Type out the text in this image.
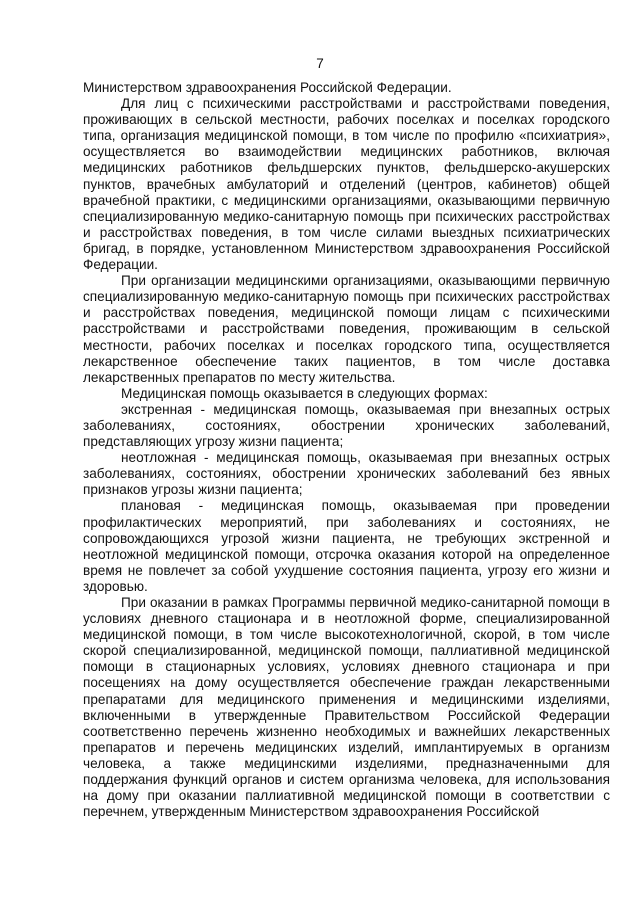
7

Министерством здравоохранения Российской Федерации.

Для лиц с психическими расстройствами и расстройствами поведения, проживающих в сельской местности, рабочих поселках и поселках городского типа, организация медицинской помощи, в том числе по профилю «психиатрия», осуществляется во взаимодействии медицинских работников, включая медицинских работников фельдшерских пунктов, фельдшерско-акушерских пунктов, врачебных амбулаторий и отделений (центров, кабинетов) общей врачебной практики, с медицинскими организациями, оказывающими первичную специализированную медико-санитарную помощь при психических расстройствах и расстройствах поведения, в том числе силами выездных психиатрических бригад, в порядке, установленном Министерством здравоохранения Российской Федерации.

При организации медицинскими организациями, оказывающими первичную специализированную медико-санитарную помощь при психических расстройствах и расстройствах поведения, медицинской помощи лицам с психическими расстройствами и расстройствами поведения, проживающим в сельской местности, рабочих поселках и поселках городского типа, осуществляется лекарственное обеспечение таких пациентов, в том числе доставка лекарственных препаратов по месту жительства.

Медицинская помощь оказывается в следующих формах:

экстренная - медицинская помощь, оказываемая при внезапных острых заболеваниях, состояниях, обострении хронических заболеваний, представляющих угрозу жизни пациента;

неотложная - медицинская помощь, оказываемая при внезапных острых заболеваниях, состояниях, обострении хронических заболеваний без явных признаков угрозы жизни пациента;

плановая - медицинская помощь, оказываемая при проведении профилактических мероприятий, при заболеваниях и состояниях, не сопровождающихся угрозой жизни пациента, не требующих экстренной и неотложной медицинской помощи, отсрочка оказания которой на определенное время не повлечет за собой ухудшение состояния пациента, угрозу его жизни и здоровью.

При оказании в рамках Программы первичной медико-санитарной помощи в условиях дневного стационара и в неотложной форме, специализированной медицинской помощи, в том числе высокотехнологичной, скорой, в том числе скорой специализированной, медицинской помощи, паллиативной медицинской помощи в стационарных условиях, условиях дневного стационара и при посещениях на дому осуществляется обеспечение граждан лекарственными препаратами для медицинского применения и медицинскими изделиями, включенными в утвержденные Правительством Российской Федерации соответственно перечень жизненно необходимых и важнейших лекарственных препаратов и перечень медицинских изделий, имплантируемых в организм человека, а также медицинскими изделиями, предназначенными для поддержания функций органов и систем организма человека, для использования на дому при оказании паллиативной медицинской помощи в соответствии с перечнем, утвержденным Министерством здравоохранения Российской
